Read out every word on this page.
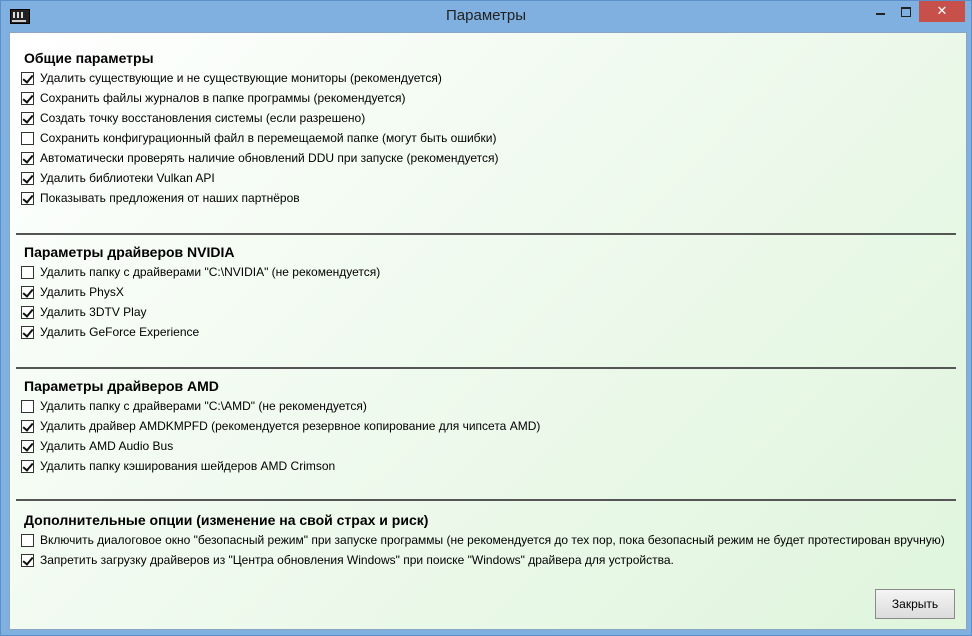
Параметры	✕
Общие параметры
Удалить существующие и не существующие мониторы (рекомендуется)
Сохранить файлы журналов в папке программы (рекомендуется)
Создать точку восстановления системы (если разрешено)
Сохранить конфигурационный файл в перемещаемой папке (могут быть ошибки)
Автоматически проверять наличие обновлений DDU при запуске (рекомендуется)
Удалить библиотеки Vulkan API
Показывать предложения от наших партнёров
Параметры драйверов NVIDIA
Удалить папку с драйверами "C:\NVIDIA" (не рекомендуется)
Удалить PhysX
Удалить 3DTV Play
Удалить GeForce Experience
Параметры драйверов AMD
Удалить папку с драйверами "C:\AMD" (не рекомендуется)
Удалить драйвер AMDKMPFD (рекомендуется резервное копирование для чипсета AMD)
Удалить AMD Audio Bus
Удалить папку кэширования шейдеров AMD Crimson
Дополнительные опции (изменение на свой страх и риск)
Включить диалоговое окно "безопасный режим" при запуске программы (не рекомендуется до тех пор, пока безопасный режим не будет протестирован вручную)
Запретить загрузку драйверов из "Центра обновления Windows" при поиске "Windows" драйвера для устройства.
Закрыть
